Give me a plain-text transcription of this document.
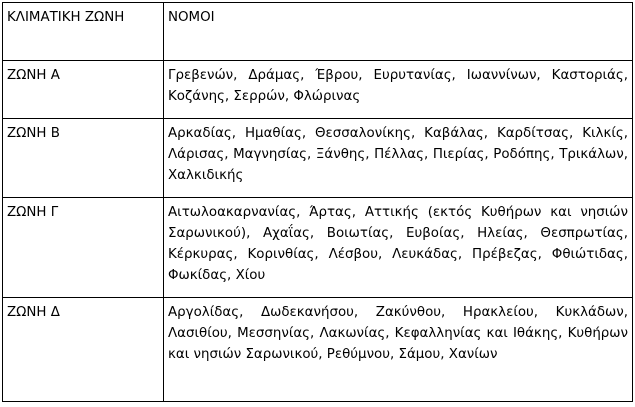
ΚΛΙΜΑΤΙΚΗ ΖΩΝΗ	ΝΟΜΟΙ
ΖΩΝΗ Α	Γρεβενών, Δράμας, Έβρου, Ευρυτανίας, Ιωαννίνων, Καστοριάς, Κοζάνης, Σερρών, Φλώρινας
ΖΩΝΗ Β	Αρκαδίας, Ημαθίας, Θεσσαλονίκης, Καβάλας, Καρδίτσας, Κιλκίς, Λάρισας, Μαγνησίας, Ξάνθης, Πέλλας, Πιερίας, Ροδόπης, Τρικάλων, Χαλκιδικής
ΖΩΝΗ Γ	Αιτωλοακαρνανίας, Άρτας, Αττικής (εκτός Κυθήρων και νησιών Σαρωνικού), Αχαΐας, Βοιωτίας, Ευβοίας, Ηλείας, Θεσπρωτίας, Κέρκυρας, Κορινθίας, Λέσβου, Λευκάδας, Πρέβεζας, Φθιώτιδας, Φωκίδας, Χίου
ΖΩΝΗ Δ	Αργολίδας, Δωδεκανήσου, Ζακύνθου, Ηρακλείου, Κυκλάδων, Λασιθίου, Μεσσηνίας, Λακωνίας, Κεφαλληνίας και Ιθάκης, Κυθήρων και νησιών Σαρωνικού, Ρεθύμνου, Σάμου, Χανίων
